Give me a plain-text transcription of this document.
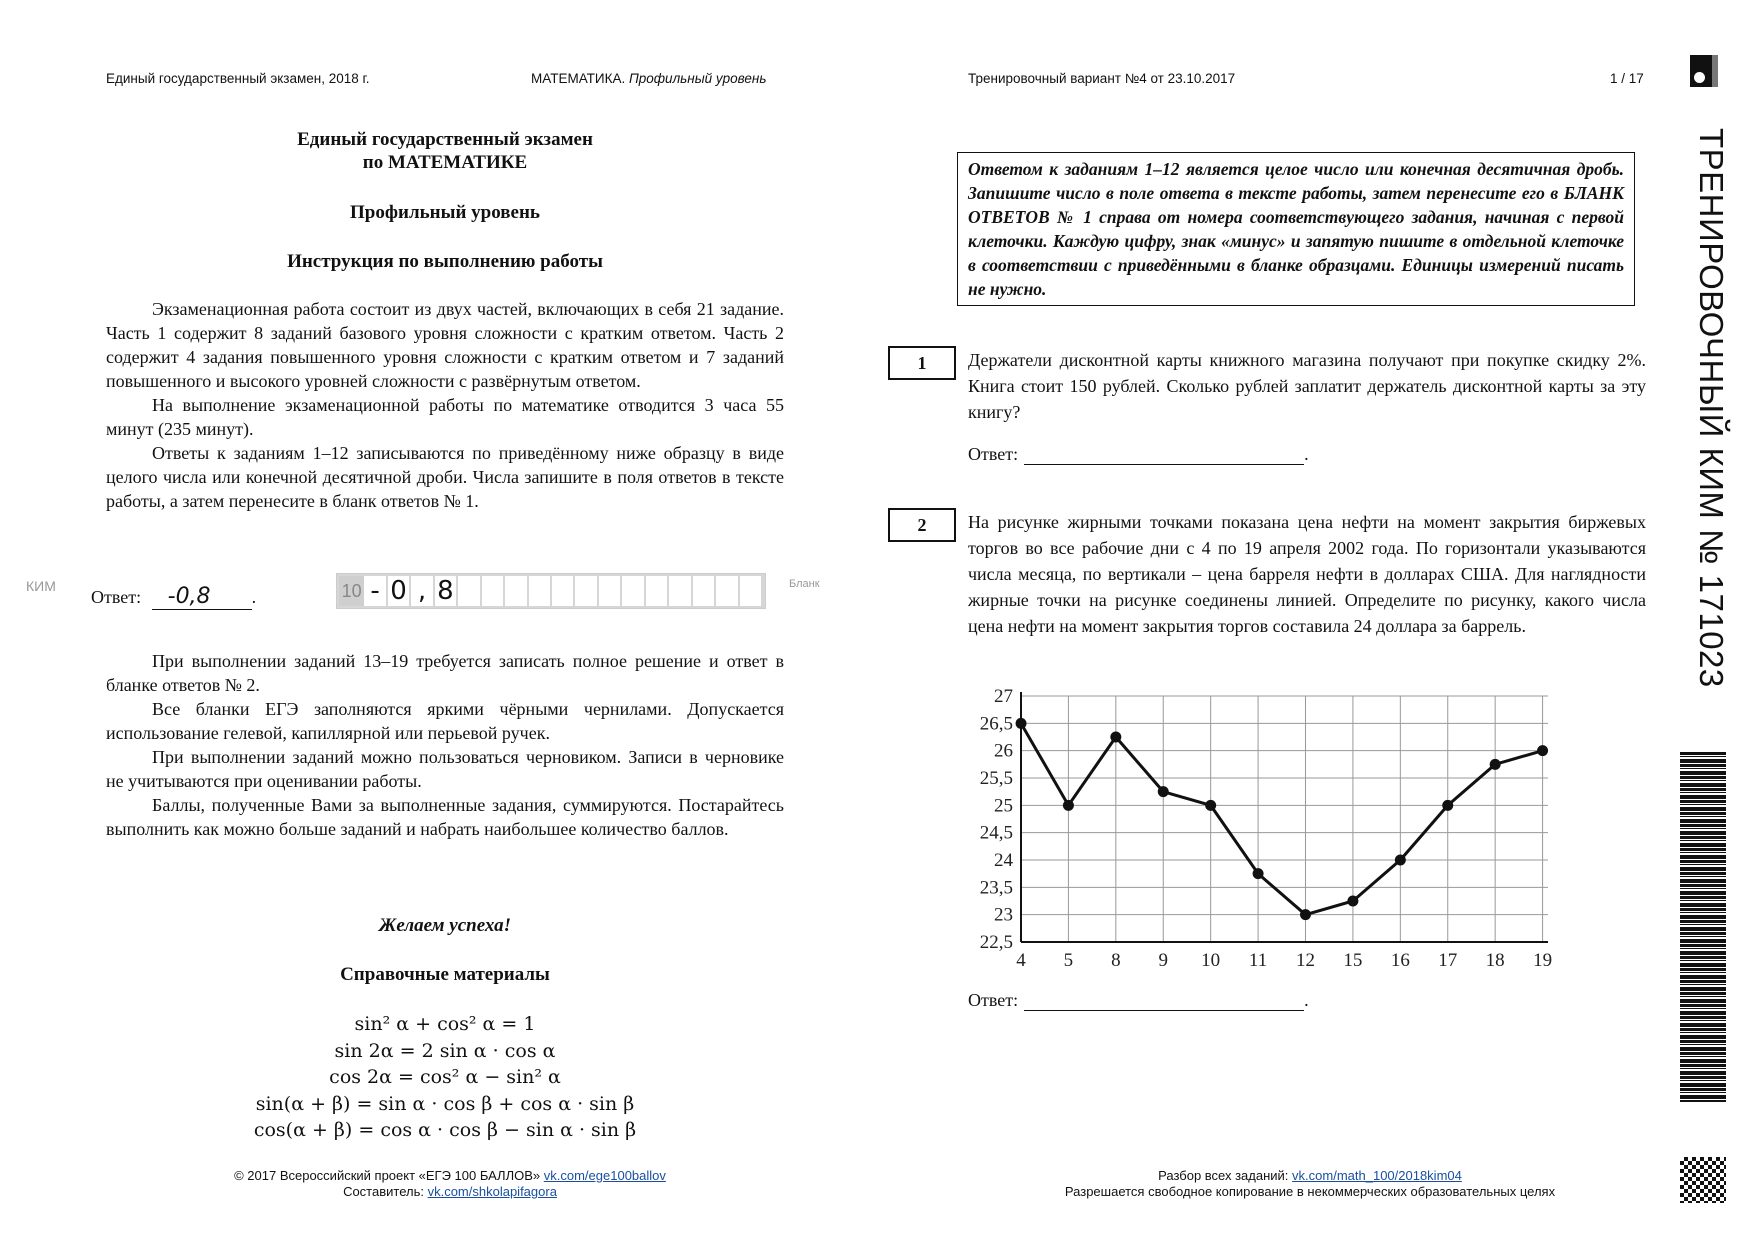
Единый государственный экзамен, 2018 г.	МАТЕМАТИКА. Профильный уровень	Тренировочный вариант №4 от 23.10.2017	1 / 17
Единый государственный экзамен
по МАТЕМАТИКЕ
Профильный уровень
Инструкция по выполнению работы

Экзаменационная работа состоит из двух частей, включающих в себя 21 задание. Часть 1 содержит 8 заданий базового уровня сложности с кратким ответом. Часть 2 содержит 4 задания повышенного уровня сложности с кратким ответом и 7 заданий повышенного и высокого уровней сложности с развёрнутым ответом.

На выполнение экзаменационной работы по математике отводится 3 часа 55 минут (235 минут).

Ответы к заданиям 1–12 записываются по приведённому ниже образцу в виде целого числа или конечной десятичной дроби. Числа запишите в поля ответов в тексте работы, а затем перенесите в бланк ответов № 1.

КИМ
Ответ: -0,8 .	10 - 0 , 8	Бланк

При выполнении заданий 13–19 требуется записать полное решение и ответ в бланке ответов № 2.

Все бланки ЕГЭ заполняются яркими чёрными чернилами. Допускается использование гелевой, капиллярной или перьевой ручек.

При выполнении заданий можно пользоваться черновиком. Записи в черновике не учитываются при оценивании работы.

Баллы, полученные Вами за выполненные задания, суммируются. Постарайтесь выполнить как можно больше заданий и набрать наибольшее количество баллов.

Желаем успеха!
Справочные материалы
sin² α + cos² α = 1
sin 2α = 2 sin α · cos α
cos 2α = cos² α − sin² α
sin(α + β) = sin α · cos β + cos α · sin β
cos(α + β) = cos α · cos β − sin α · sin β
Ответом к заданиям 1–12 является целое число или конечная десятичная дробь. Запишите число в поле ответа в тексте работы, затем перенесите его в БЛАНК ОТВЕТОВ № 1 справа от номера соответствующего задания, начиная с первой клеточки. Каждую цифру, знак «минус» и запятую пишите в отдельной клеточке в соответствии с приведёнными в бланке образцами. Единицы измерений писать не нужно.
1	Держатели дисконтной карты книжного магазина получают при покупке скидку 2%. Книга стоит 150 рублей. Сколько рублей заплатит держатель дисконтной карты за эту книгу?
Ответ:	.
2	На рисунке жирными точками показана цена нефти на момент закрытия биржевых торгов во все рабочие дни с 4 по 19 апреля 2002 года. По горизонтали указываются числа месяца, по вертикали – цена барреля нефти в долларах США. Для наглядности жирные точки на рисунке соединены линией. Определите по рисунку, какого числа цена нефти на момент закрытия торгов составила 24 доллара за баррель.
22,5
23
23,5
24
24,5
25
25,5
26
26,5
27
4 5 8 9 10 11 12 15 16 17 18 19
Ответ:	.
ТРЕНИРОВОЧНЫЙ КИМ № 171023
© 2017 Всероссийский проект «ЕГЭ 100 БАЛЛОВ» vk.com/ege100ballov
Составитель: vk.com/shkolapifagora
Разбор всех заданий: vk.com/math_100/2018kim04
Разрешается свободное копирование в некоммерческих образовательных целях
